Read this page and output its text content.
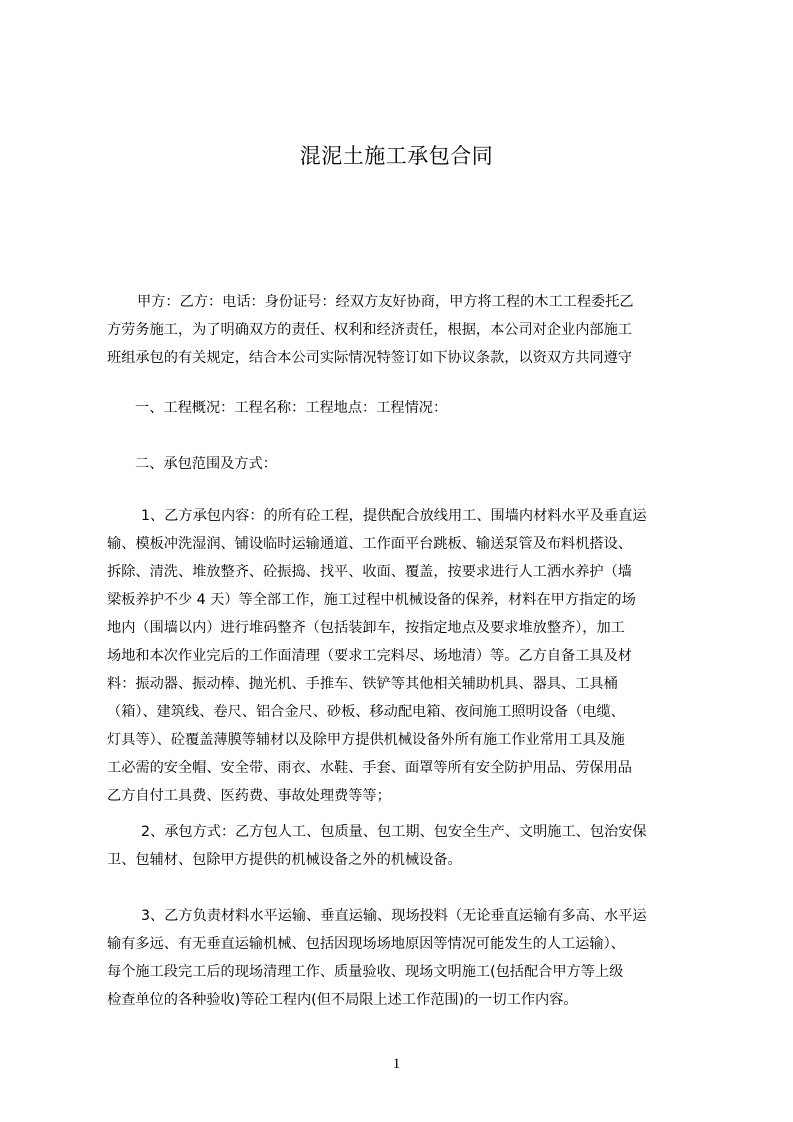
混泥土施工承包合同
甲方：乙方：电话：身份证号：经双方友好协商，甲方将工程的木工工程委托乙
方劳务施工，为了明确双方的责任、权利和经济责任，根据，本公司对企业内部施工
班组承包的有关规定，结合本公司实际情况特签订如下协议条款，以资双方共同遵守
一、工程概况：工程名称：工程地点：工程情况：
二、承包范围及方式：
1、乙方承包内容：的所有砼工程，提供配合放线用工、围墙内材料水平及垂直运
输、模板冲洗湿润、铺设临时运输通道、工作面平台跳板、输送泵管及布料机搭设、
拆除、清洗、堆放整齐、砼振捣、找平、收面、覆盖，按要求进行人工洒水养护（墙
梁板养护不少 4 天）等全部工作，施工过程中机械设备的保养，材料在甲方指定的场
地内（围墙以内）进行堆码整齐（包括装卸车，按指定地点及要求堆放整齐），加工
场地和本次作业完后的工作面清理（要求工完料尽、场地清）等。乙方自备工具及材
料：振动器、振动棒、抛光机、手推车、铁铲等其他相关辅助机具、器具、工具桶
（箱）、建筑线、卷尺、铝合金尺、砂板、移动配电箱、夜间施工照明设备（电缆、
灯具等）、砼覆盖薄膜等辅材以及除甲方提供机械设备外所有施工作业常用工具及施
工必需的安全帽、安全带、雨衣、水鞋、手套、面罩等所有安全防护用品、劳保用品
乙方自付工具费、医药费、事故处理费等等；
2、承包方式：乙方包人工、包质量、包工期、包安全生产、文明施工、包治安保
卫、包辅材、包除甲方提供的机械设备之外的机械设备。
3、乙方负责材料水平运输、垂直运输、现场投料（无论垂直运输有多高、水平运
输有多远、有无垂直运输机械、包括因现场场地原因等情况可能发生的人工运输）、
每个施工段完工后的现场清理工作、质量验收、现场文明施工(包括配合甲方等上级
检查单位的各种验收)等砼工程内(但不局限上述工作范围)的一切工作内容。
1
